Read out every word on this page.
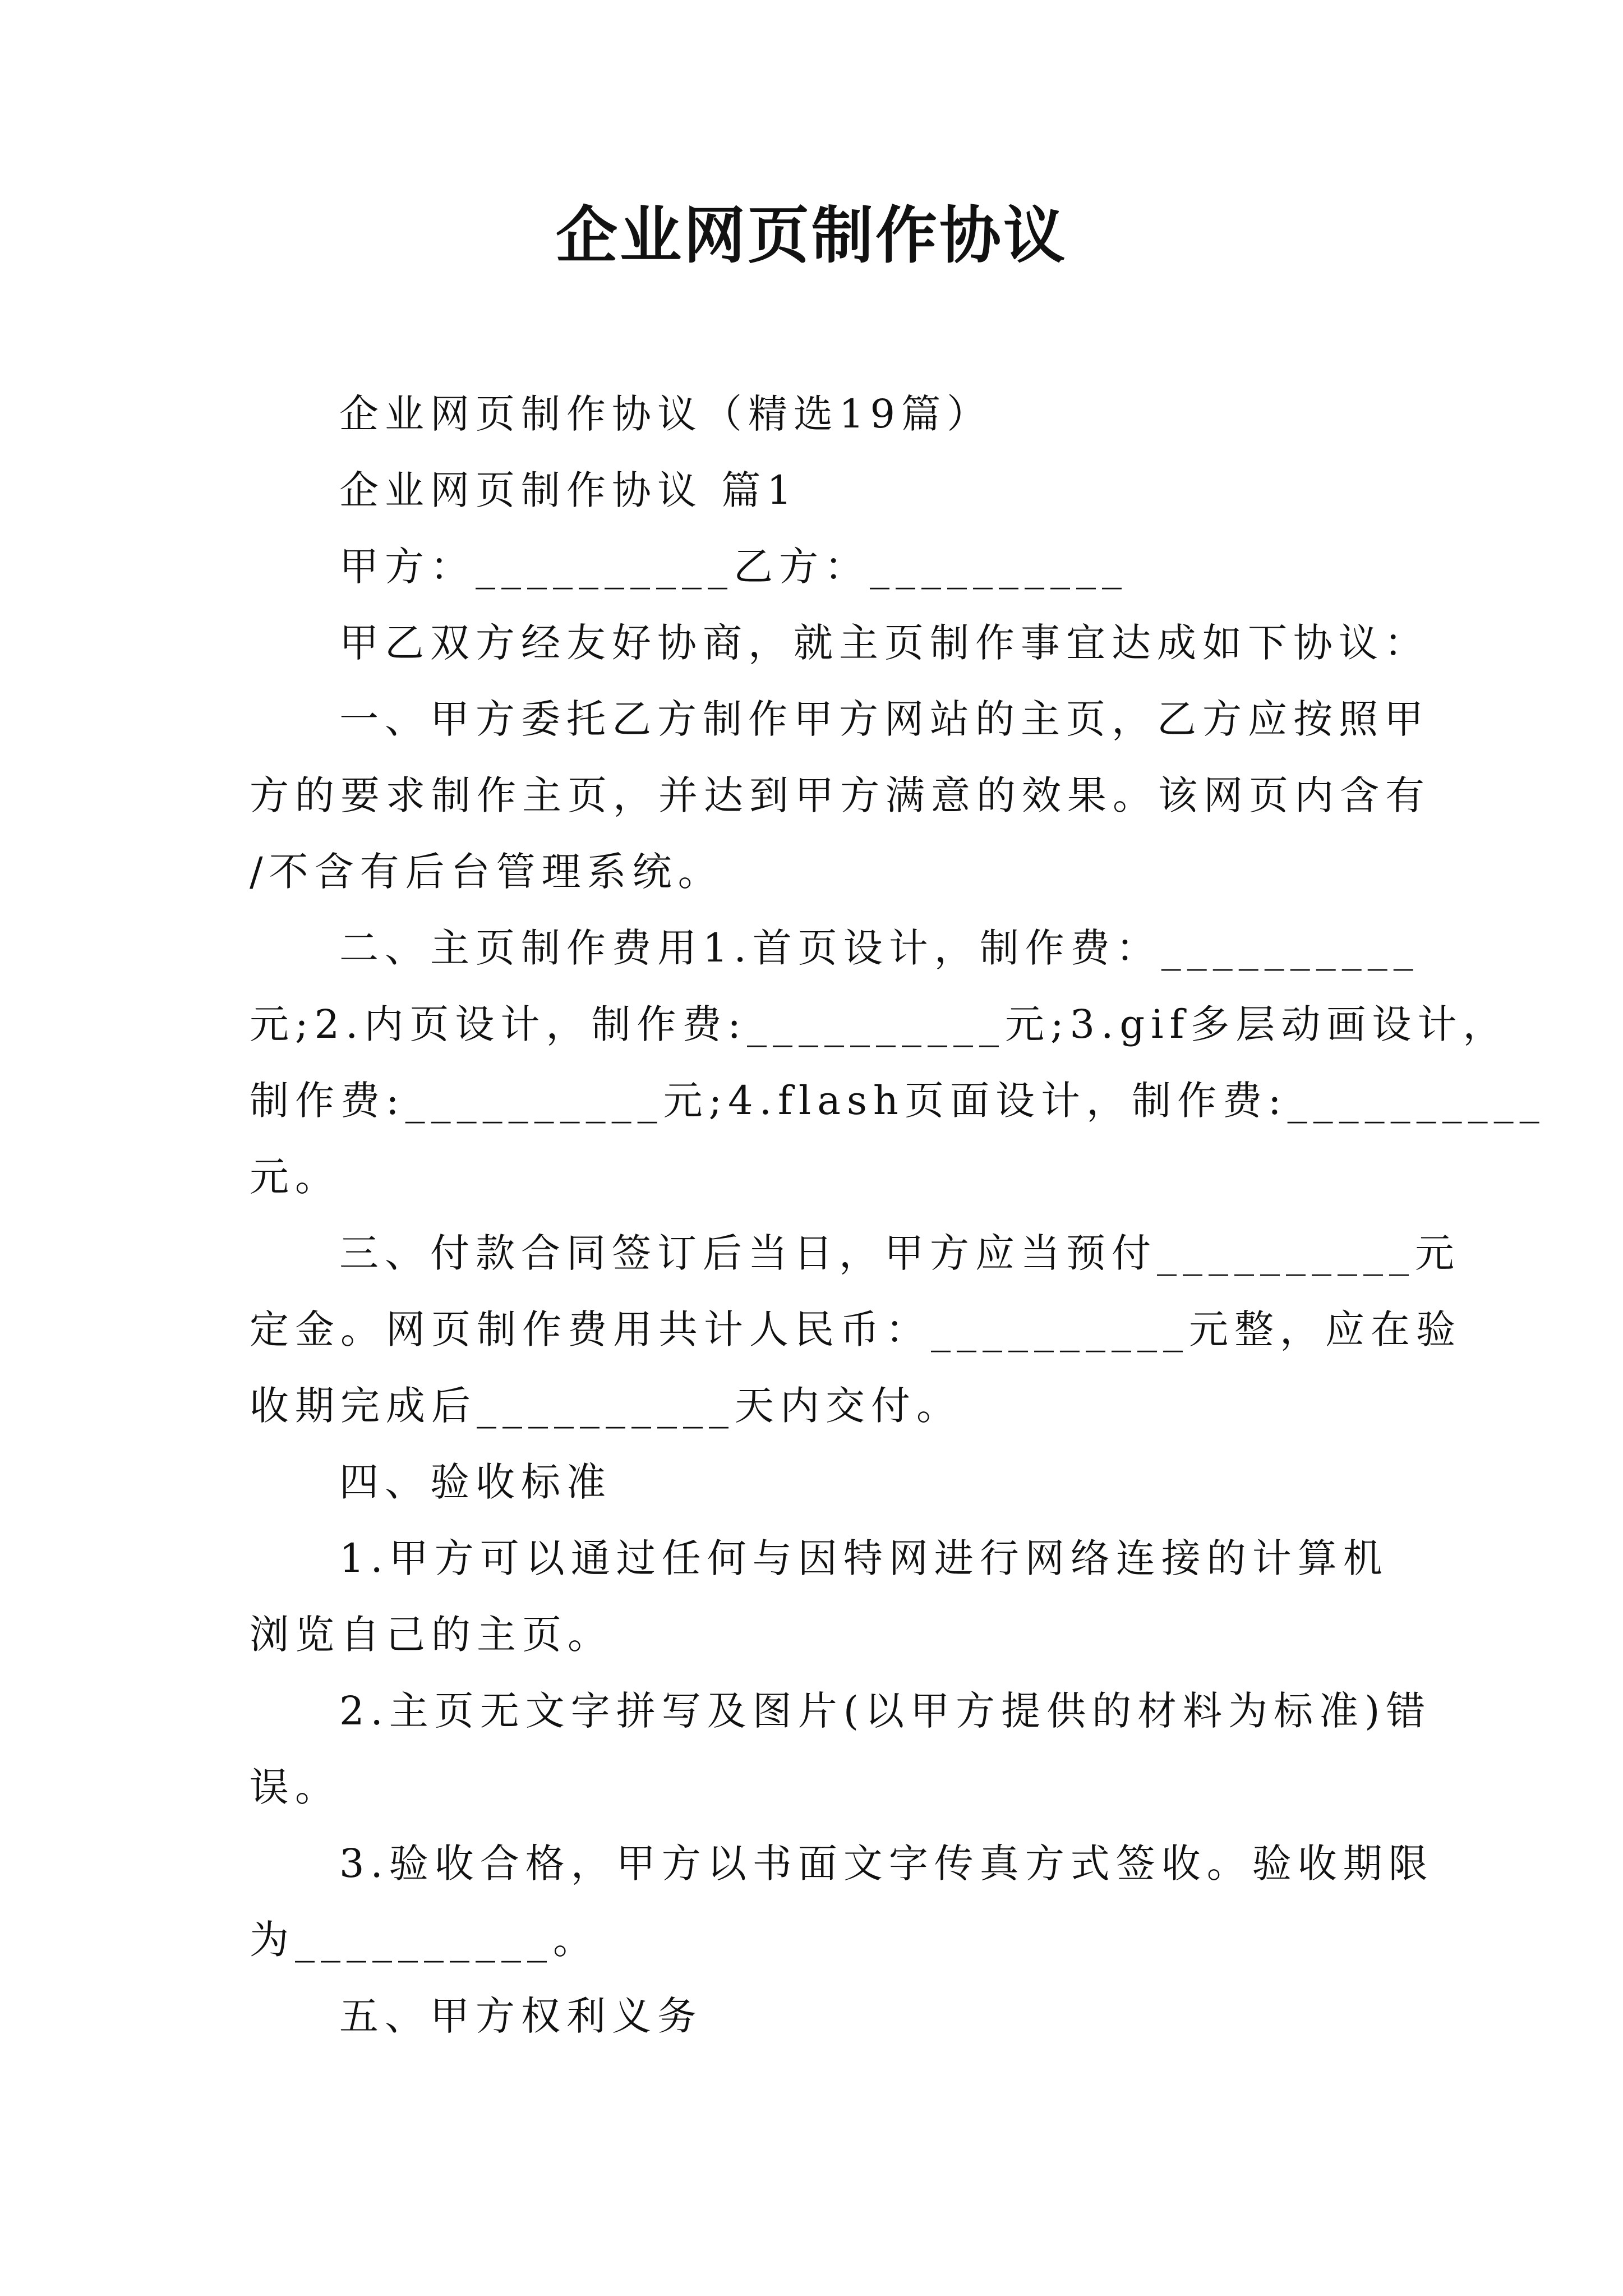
企业网页制作协议
企业网页制作协议（精选19篇）
企业网页制作协议 篇1
甲方：__________乙方：__________
甲乙双方经友好协商，就主页制作事宜达成如下协议：
一、甲方委托乙方制作甲方网站的主页，乙方应按照甲
方的要求制作主页，并达到甲方满意的效果。该网页内含有
/不含有后台管理系统。
二、主页制作费用1.首页设计，制作费：__________
元;2.内页设计，制作费:__________元;3.gif多层动画设计，
制作费:__________元;4.flash页面设计，制作费:__________
元。
三、付款合同签订后当日，甲方应当预付__________元
定金。网页制作费用共计人民币：__________元整，应在验
收期完成后__________天内交付。
四、验收标准
1.甲方可以通过任何与因特网进行网络连接的计算机
浏览自己的主页。
2.主页无文字拼写及图片(以甲方提供的材料为标准)错
误。
3.验收合格，甲方以书面文字传真方式签收。验收期限
为__________。
五、甲方权利义务
